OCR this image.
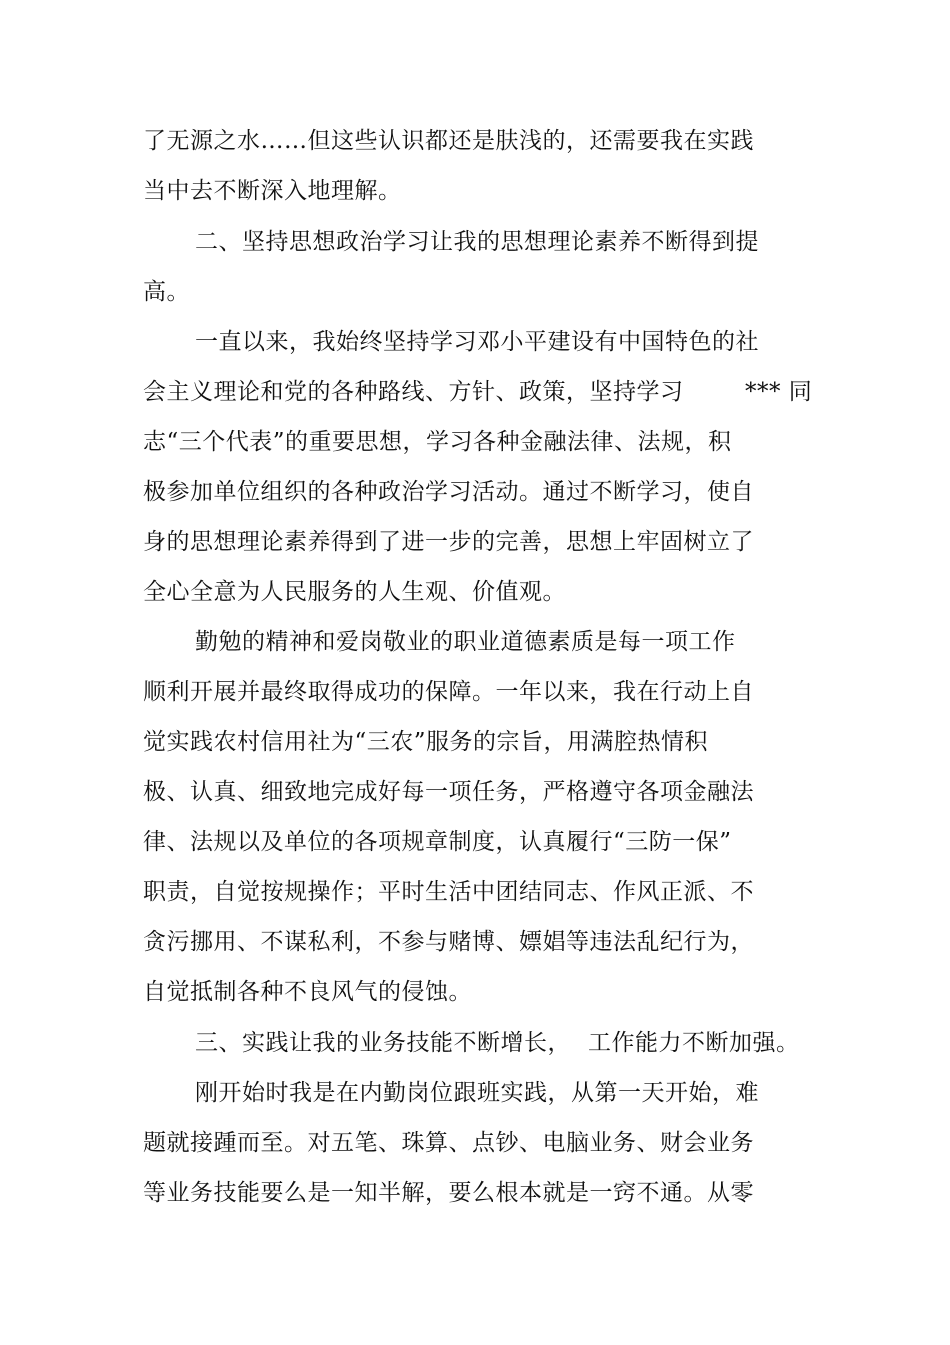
了无源之水……但这些认识都还是肤浅的，还需要我在实践
当中去不断深入地理解。
二、坚持思想政治学习让我的思想理论素养不断得到提
高。
一直以来，我始终坚持学习邓小平建设有中国特色的社
会主义理论和党的各种路线、方针、政策，坚持学习	*** 同
志“三个代表”的重要思想，学习各种金融法律、法规，积
极参加单位组织的各种政治学习活动。通过不断学习，使自
身的思想理论素养得到了进一步的完善，思想上牢固树立了
全心全意为人民服务的人生观、价值观。
勤勉的精神和爱岗敬业的职业道德素质是每一项工作
顺利开展并最终取得成功的保障。一年以来，我在行动上自
觉实践农村信用社为“三农”服务的宗旨，用满腔热情积
极、认真、细致地完成好每一项任务，严格遵守各项金融法
律、法规以及单位的各项规章制度，认真履行“三防一保”
职责，自觉按规操作；平时生活中团结同志、作风正派、不
贪污挪用、不谋私利，不参与赌博、嫖娼等违法乱纪行为，
自觉抵制各种不良风气的侵蚀。
三、实践让我的业务技能不断增长， 工作能力不断加强。
刚开始时我是在内勤岗位跟班实践，从第一天开始，难
题就接踵而至。对五笔、珠算、点钞、电脑业务、财会业务
等业务技能要么是一知半解，要么根本就是一窍不通。从零
